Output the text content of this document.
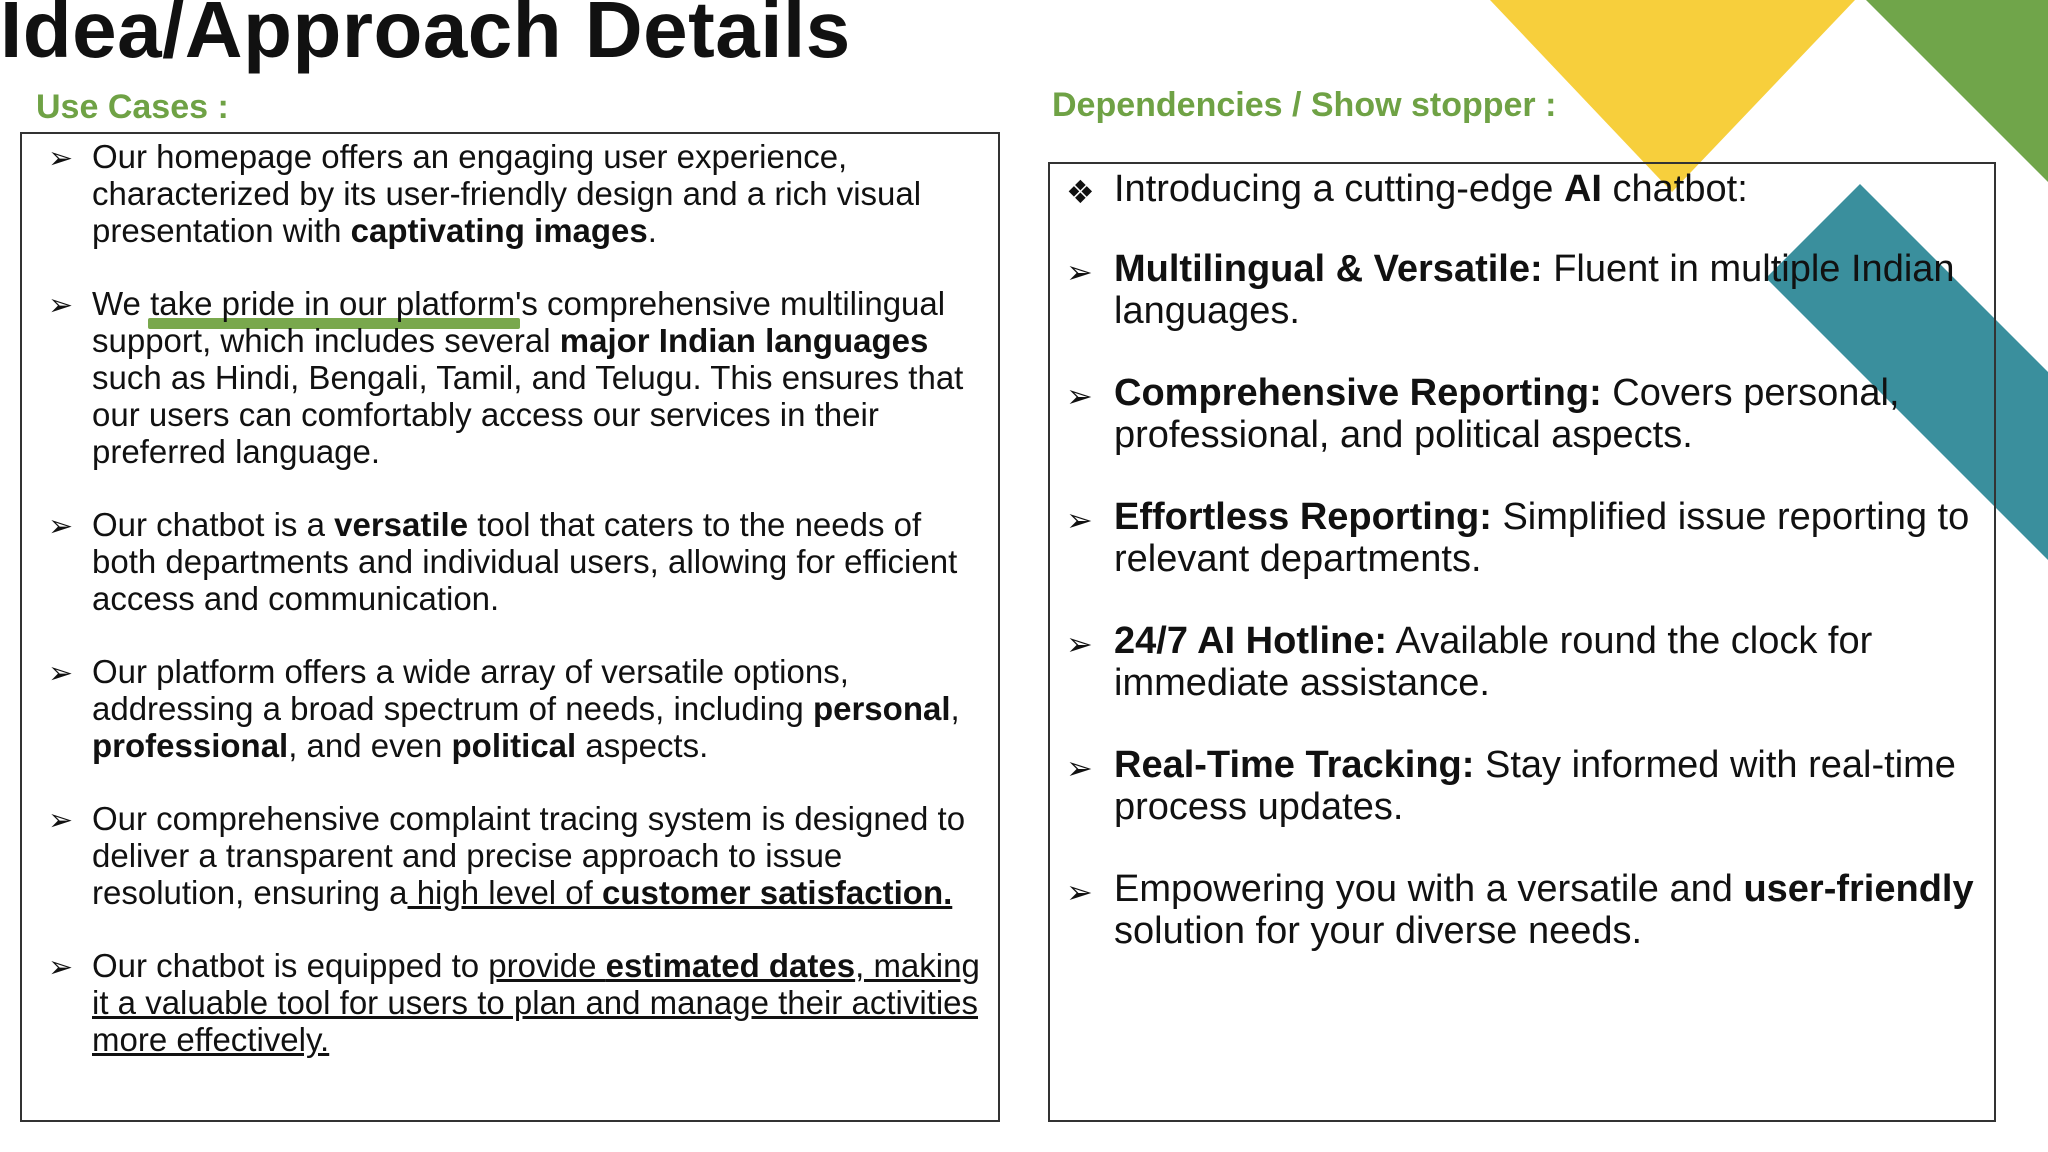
Idea/Approach Details
Use Cases :	Dependencies / Show stopper :
➢ Our homepage offers an engaging user experience, characterized by its user-friendly design and a rich visual presentation with captivating images.
➢ We take pride in our platform's comprehensive multilingual support, which includes several major Indian languages such as Hindi, Bengali, Tamil, and Telugu. This ensures that our users can comfortably access our services in their preferred language.
➢ Our chatbot is a versatile tool that caters to the needs of both departments and individual users, allowing for efficient access and communication.
➢ Our platform offers a wide array of versatile options, addressing a broad spectrum of needs, including personal, professional, and even political aspects.
➢ Our comprehensive complaint tracing system is designed to deliver a transparent and precise approach to issue resolution, ensuring a high level of customer satisfaction.
➢ Our chatbot is equipped to provide estimated dates, making it a valuable tool for users to plan and manage their activities more effectively.
❖ Introducing a cutting-edge AI chatbot:
➢ Multilingual & Versatile: Fluent in multiple Indian languages.
➢ Comprehensive Reporting: Covers personal, professional, and political aspects.
➢ Effortless Reporting: Simplified issue reporting to relevant departments.
➢ 24/7 AI Hotline: Available round the clock for immediate assistance.
➢ Real-Time Tracking: Stay informed with real-time process updates.
➢ Empowering you with a versatile and user-friendly solution for your diverse needs.
